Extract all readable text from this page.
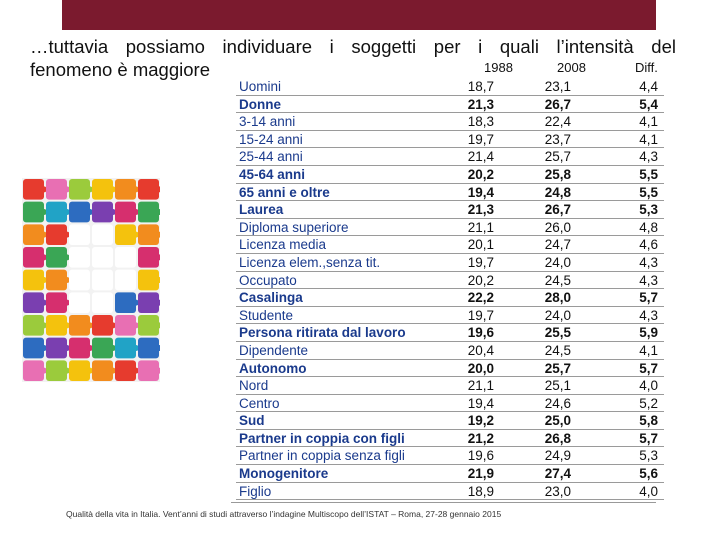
…tuttavia possiamo individuare i soggetti per i quali l’intensità del
fenomeno è maggiore	1988	2008	Diff.
Uomini	18,7	23,1	4,4
Donne	21,3	26,7	5,4
3-14 anni	18,3	22,4	4,1
15-24 anni	19,7	23,7	4,1
25-44 anni	21,4	25,7	4,3
45-64 anni	20,2	25,8	5,5
65 anni e oltre	19,4	24,8	5,5
Laurea	21,3	26,7	5,3
Diploma superiore	21,1	26,0	4,8
Licenza media	20,1	24,7	4,6
Licenza elem.,senza tit.	19,7	24,0	4,3
Occupato	20,2	24,5	4,3
Casalinga	22,2	28,0	5,7
Studente	19,7	24,0	4,3
Persona ritirata dal lavoro	19,6	25,5	5,9
Dipendente	20,4	24,5	4,1
Autonomo	20,0	25,7	5,7
Nord	21,1	25,1	4,0
Centro	19,4	24,6	5,2
Sud	19,2	25,0	5,8
Partner in coppia con figli	21,2	26,8	5,7
Partner in coppia senza figli	19,6	24,9	5,3
Monogenitore	21,9	27,4	5,6
Figlio	18,9	23,0	4,0
Qualità della vita in Italia. Vent’anni di studi attraverso l’indagine Multiscopo dell’ISTAT – Roma, 27-28 gennaio 2015
